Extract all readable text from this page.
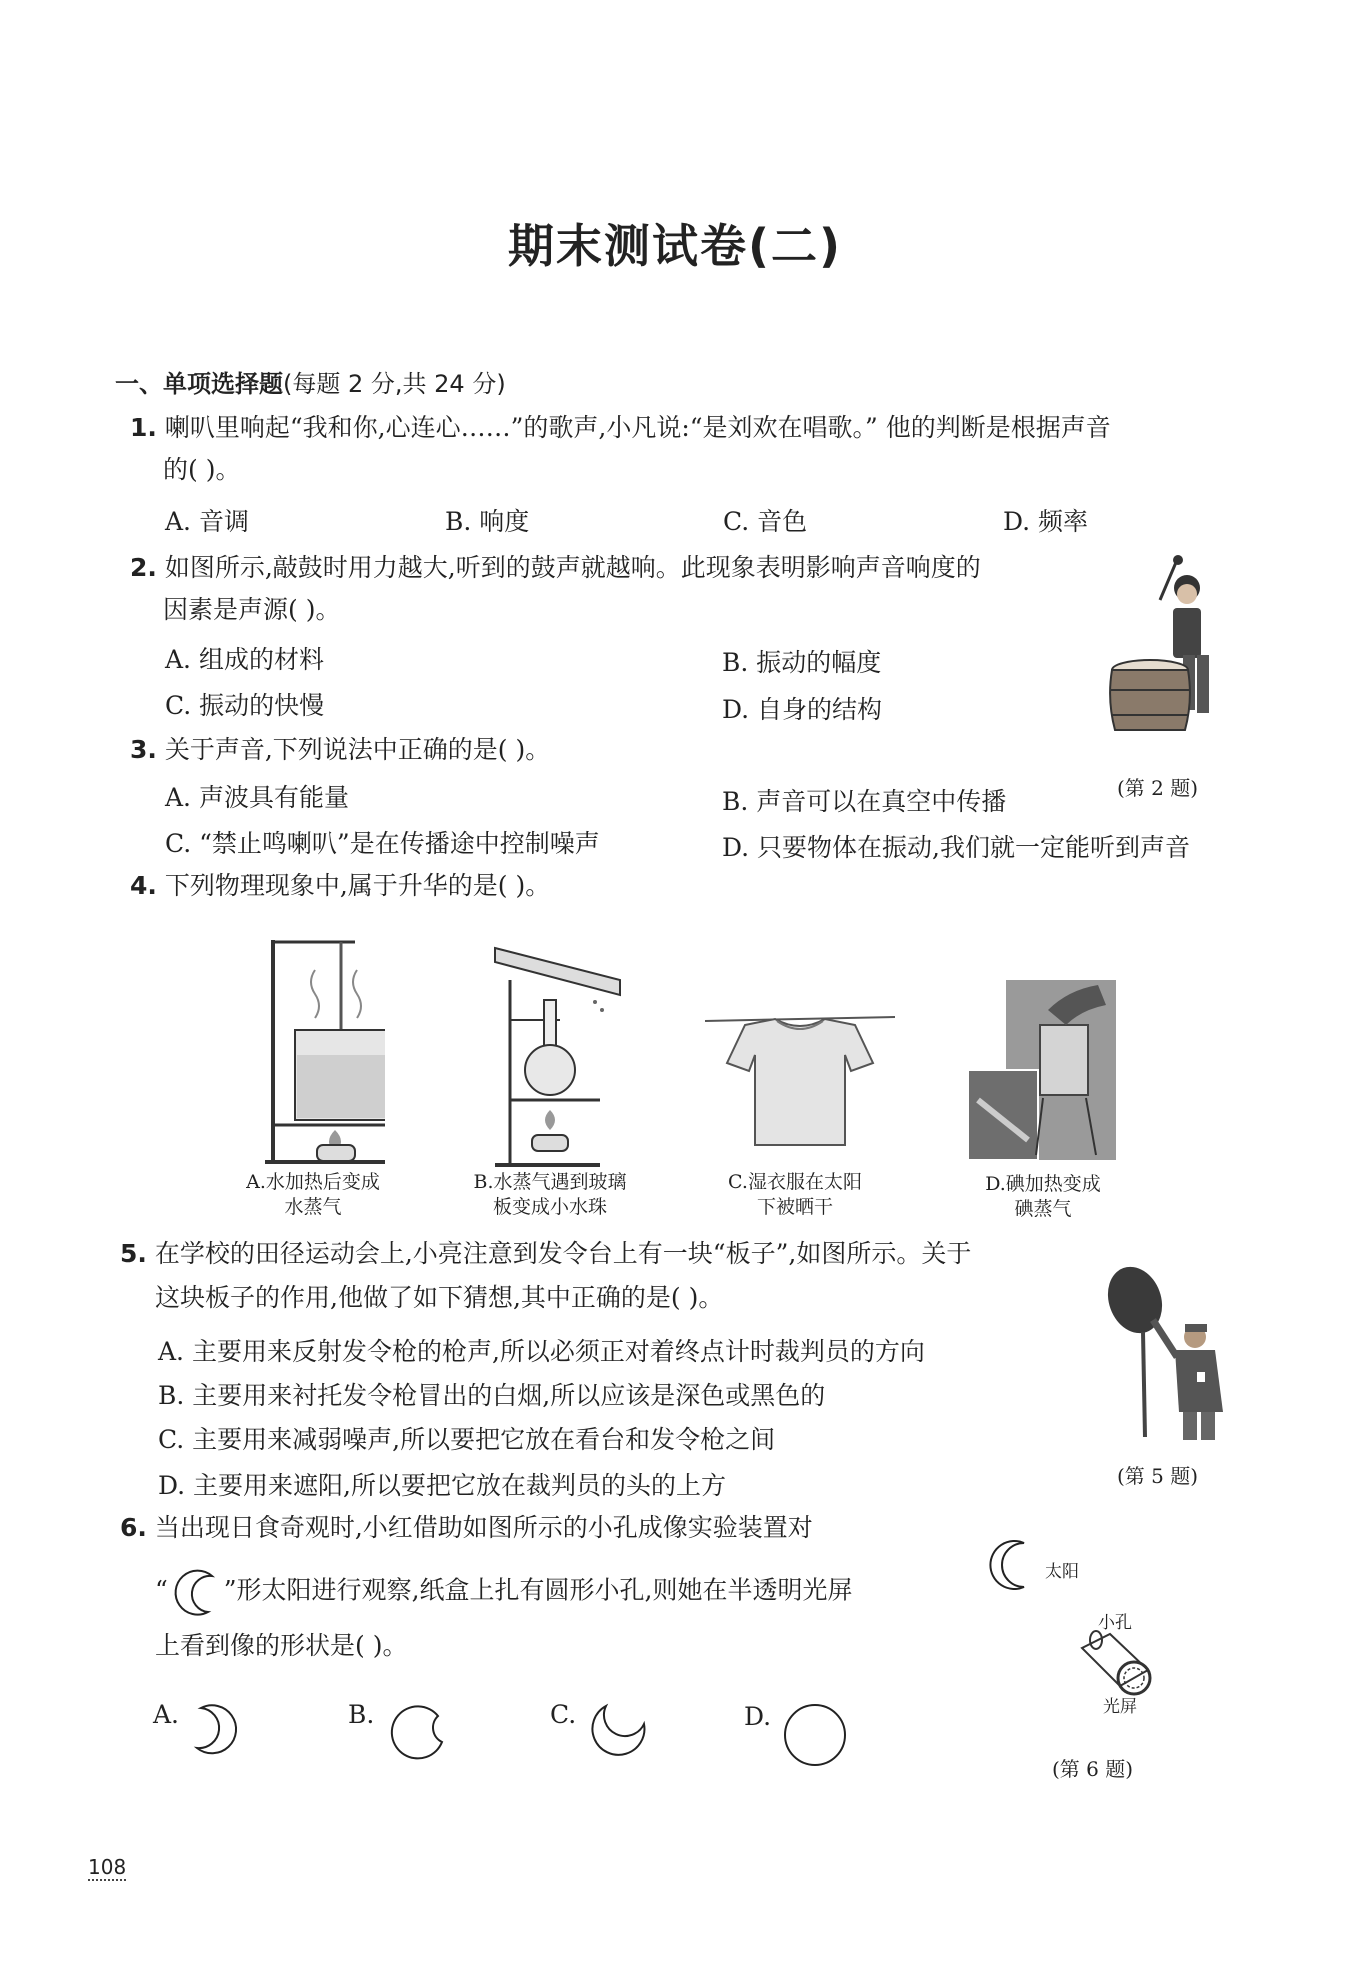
期末测试卷(二)
一、单项选择题(每题 2 分,共 24 分)
1. 喇叭里响起“我和你,心连心……”的歌声,小凡说:“是刘欢在唱歌。” 他的判断是根据声音
的( )。
A. 音调	B. 响度	C. 音色	D. 频率
2. 如图所示,敲鼓时用力越大,听到的鼓声就越响。此现象表明影响声音响度的
因素是声源( )。
A. 组成的材料	B. 振动的幅度
C. 振动的快慢	D. 自身的结构
(第 2 题)
3. 关于声音,下列说法中正确的是( )。
A. 声波具有能量	B. 声音可以在真空中传播
C. “禁止鸣喇叭”是在传播途中控制噪声	D. 只要物体在振动,我们就一定能听到声音
4. 下列物理现象中,属于升华的是( )。
A.水加热后变成
水蒸气
B.水蒸气遇到玻璃
板变成小水珠
C.湿衣服在太阳
下被晒干
D.碘加热变成
碘蒸气
5. 在学校的田径运动会上,小亮注意到发令台上有一块“板子”,如图所示。关于
这块板子的作用,他做了如下猜想,其中正确的是( )。
A. 主要用来反射发令枪的枪声,所以必须正对着终点计时裁判员的方向
B. 主要用来衬托发令枪冒出的白烟,所以应该是深色或黑色的
C. 主要用来减弱噪声,所以要把它放在看台和发令枪之间
D. 主要用来遮阳,所以要把它放在裁判员的头的上方	(第 5 题)
6. 当出现日食奇观时,小红借助如图所示的小孔成像实验装置对
“ ”形太阳进行观察,纸盒上扎有圆形小孔,则她在半透明光屏
上看到像的形状是( )。
A.	B.	C.	D.
太阳
小孔
光屏
(第 6 题)
108
